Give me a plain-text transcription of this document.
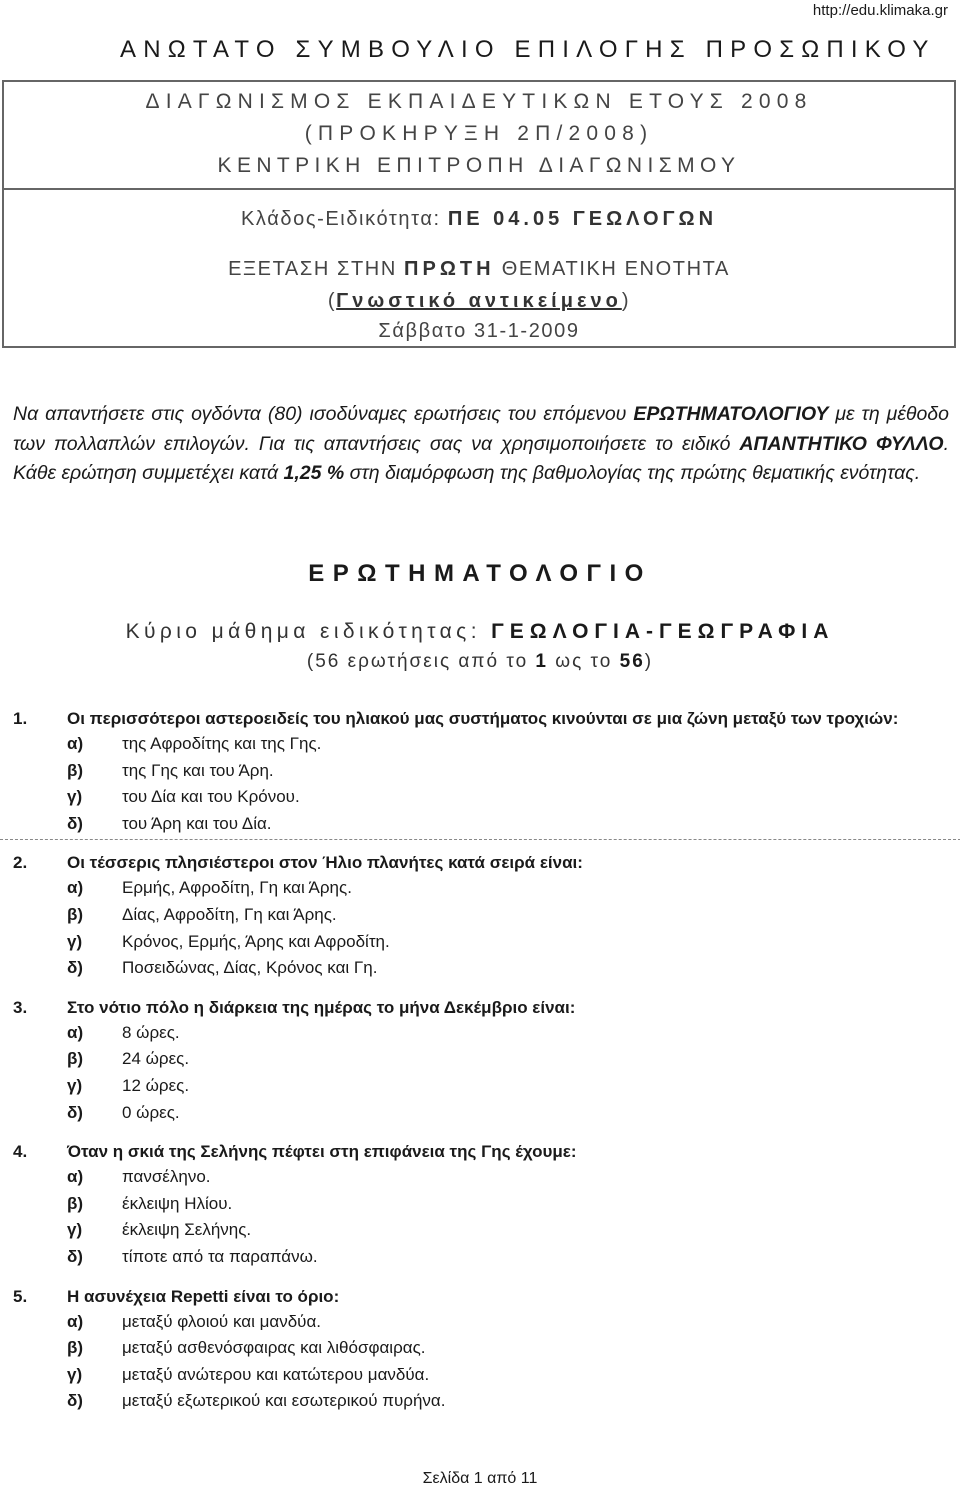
http://edu.klimaka.gr
ΑΝΩΤΑΤΟ ΣΥΜΒΟΥΛΙΟ ΕΠΙΛΟΓΗΣ ΠΡΟΣΩΠΙΚΟΥ
ΔΙΑΓΩΝΙΣΜΟΣ ΕΚΠΑΙΔΕΥΤΙΚΩΝ ΕΤΟΥΣ 2008
(ΠΡΟΚΗΡΥΞΗ 2Π/2008)
ΚΕΝΤΡΙΚΗ ΕΠΙΤΡΟΠΗ ΔΙΑΓΩΝΙΣΜΟΥ
Κλάδος-Ειδικότητα: ΠΕ 04.05 ΓΕΩΛΟΓΩΝ
ΕΞΕΤΑΣΗ ΣΤΗΝ ΠΡΩΤΗ ΘΕΜΑΤΙΚΗ ΕΝΟΤΗΤΑ
(Γνωστικό αντικείμενο)
Σάββατο 31-1-2009
Να απαντήσετε στις ογδόντα (80) ισοδύναμες ερωτήσεις του επόμενου ΕΡΩΤΗΜΑΤΟΛΟΓΙΟΥ με τη μέθοδο των πολλαπλών επιλογών. Για τις απαντήσεις σας να χρησιμοποιήσετε το ειδικό ΑΠΑΝΤΗΤΙΚΟ ΦΥΛΛΟ. Κάθε ερώτηση συμμετέχει κατά 1,25 % στη διαμόρφωση της βαθμολογίας της πρώτης θεματικής ενότητας.
ΕΡΩΤΗΜΑΤΟΛΟΓΙΟ
Κύριο μάθημα ειδικότητας: ΓΕΩΛΟΓΙΑ-ΓΕΩΓΡΑΦΙΑ
(56 ερωτήσεις από το 1 ως το 56)
1.	Οι περισσότεροι αστεροειδείς του ηλιακού μας συστήματος κινούνται σε μια ζώνη μεταξύ των τροχιών:
α)	της Αφροδίτης και της Γης.
β)	της Γης και του Άρη.
γ)	του Δία και του Κρόνου.
δ)	του Άρη και του Δία.
2.	Οι τέσσερις πλησιέστεροι στον Ήλιο πλανήτες κατά σειρά είναι:
α)	Ερμής, Αφροδίτη, Γη και Άρης.
β)	Δίας, Αφροδίτη, Γη και Άρης.
γ)	Κρόνος, Ερμής, Άρης και Αφροδίτη.
δ)	Ποσειδώνας, Δίας, Κρόνος και Γη.
3.	Στο νότιο πόλο η διάρκεια της ημέρας το μήνα Δεκέμβριο είναι:
α)	8 ώρες.
β)	24 ώρες.
γ)	12 ώρες.
δ)	0 ώρες.
4.	Όταν η σκιά της Σελήνης πέφτει στη επιφάνεια της Γης έχουμε:
α)	πανσέληνο.
β)	έκλειψη Ηλίου.
γ)	έκλειψη Σελήνης.
δ)	τίποτε από τα παραπάνω.
5.	Η ασυνέχεια Repetti είναι το όριο:
α)	μεταξύ φλοιού και μανδύα.
β)	μεταξύ ασθενόσφαιρας και λιθόσφαιρας.
γ)	μεταξύ ανώτερου και κατώτερου μανδύα.
δ)	μεταξύ εξωτερικού και εσωτερικού πυρήνα.
Σελίδα 1 από 11
